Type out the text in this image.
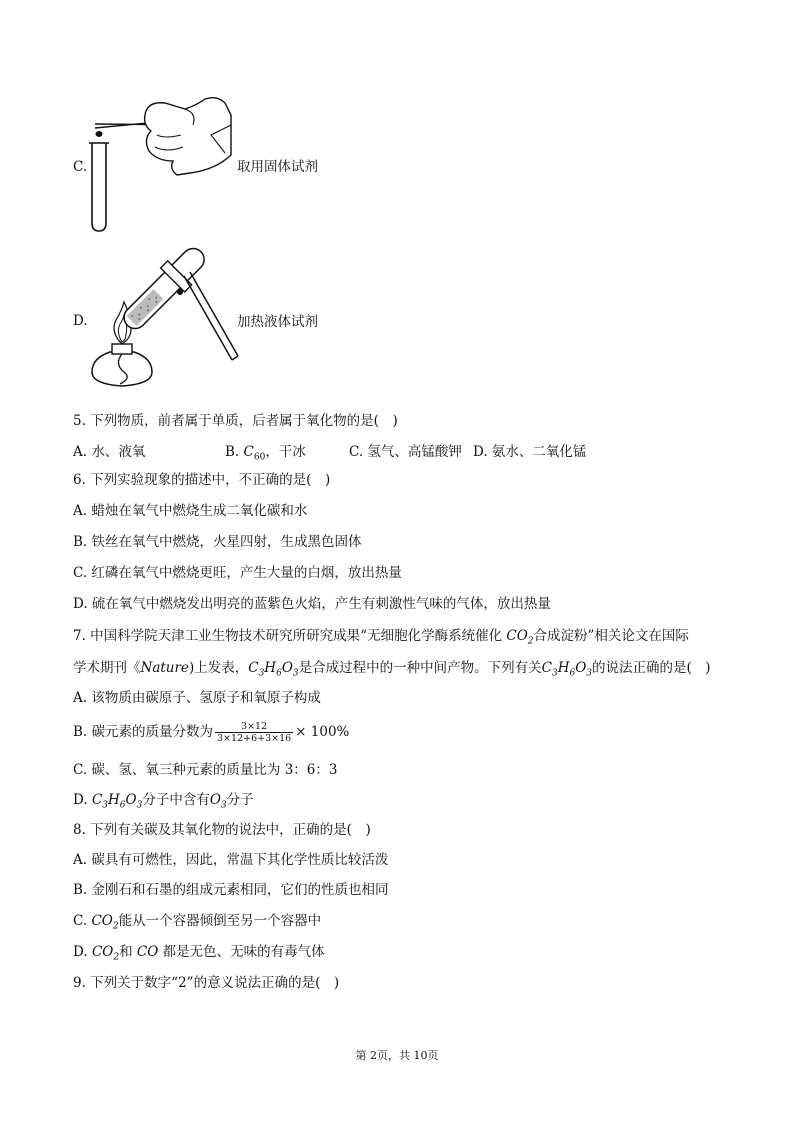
C.	取用固体试剂
D.	加热液体试剂
5. 下列物质，前者属于单质，后者属于氧化物的是(　)
A. 水、液氧	B. $C_{60}$，干冰	C. 氢气、高锰酸钾 D. 氨水、二氧化锰
6. 下列实验现象的描述中，不正确的是(　)
A. 蜡烛在氧气中燃烧生成二氧化碳和水
B. 铁丝在氧气中燃烧，火星四射，生成黑色固体
C. 红磷在氧气中燃烧更旺，产生大量的白烟，放出热量
D. 硫在氧气中燃烧发出明亮的蓝紫色火焰，产生有刺激性气味的气体，放出热量
7. 中国科学院天津工业生物技术研究所研究成果“无细胞化学酶系统催化 $CO_2$合成淀粉”相关论文在国际
学术期刊《Nature)上发表，$C_3H_6O_3$是合成过程中的一种中间产物。下列有关$C_3H_6O_3$的说法正确的是(　)
A. 该物质由碳原子、氢原子和氧原子构成
B. 碳元素的质量分数为 $\frac{3\times 12}{3\times 12+6+3\times 16} \times 100\%$
C. 碳、氢、氧三种元素的质量比为 3：6：3
D. $C_3H_6O_3$分子中含有$O_3$分子
8. 下列有关碳及其氧化物的说法中，正确的是(　)
A. 碳具有可燃性，因此，常温下其化学性质比较活泼
B. 金刚石和石墨的组成元素相同，它们的性质也相同
C. $CO_2$能从一个容器倾倒至另一个容器中
D. $CO_2$和 CO 都是无色、无味的有毒气体
9. 下列关于数字“2”的意义说法正确的是(　)
第 2页，共 10页
